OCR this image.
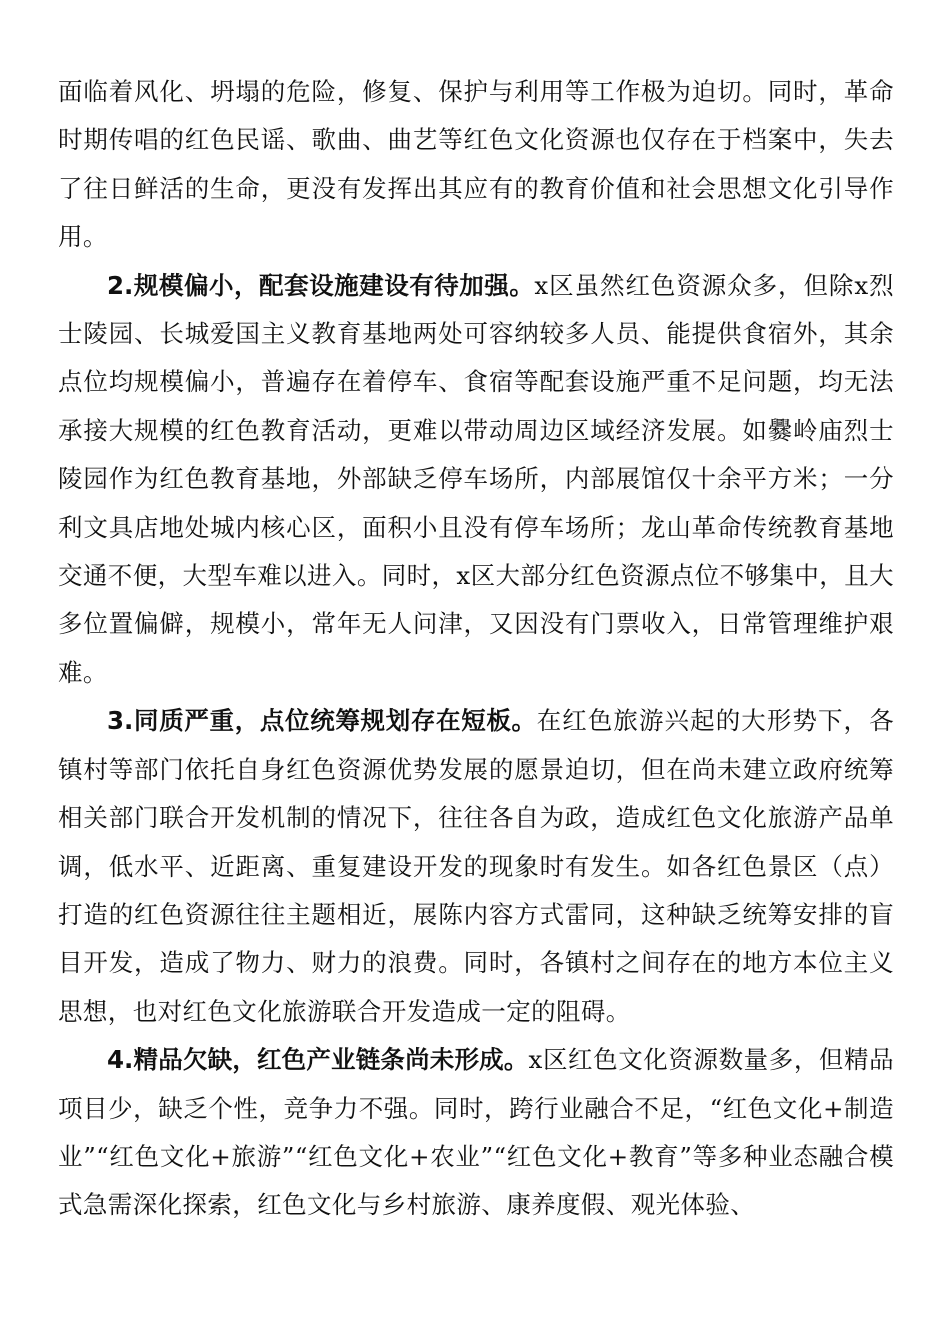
面临着风化、坍塌的危险，修复、保护与利用等工作极为迫切。同时，革命时期传唱的红色民谣、歌曲、曲艺等红色文化资源也仅存在于档案中，失去了往日鲜活的生命，更没有发挥出其应有的教育价值和社会思想文化引导作用。

2.规模偏小，配套设施建设有待加强。x区虽然红色资源众多，但除x烈士陵园、长城爱国主义教育基地两处可容纳较多人员、能提供食宿外，其余点位均规模偏小，普遍存在着停车、食宿等配套设施严重不足问题，均无法承接大规模的红色教育活动，更难以带动周边区域经济发展。如爨岭庙烈士陵园作为红色教育基地，外部缺乏停车场所，内部展馆仅十余平方米；一分利文具店地处城内核心区，面积小且没有停车场所；龙山革命传统教育基地交通不便，大型车难以进入。同时，x区大部分红色资源点位不够集中，且大多位置偏僻，规模小，常年无人问津，又因没有门票收入，日常管理维护艰难。

3.同质严重，点位统筹规划存在短板。在红色旅游兴起的大形势下，各镇村等部门依托自身红色资源优势发展的愿景迫切，但在尚未建立政府统筹相关部门联合开发机制的情况下，往往各自为政，造成红色文化旅游产品单调，低水平、近距离、重复建设开发的现象时有发生。如各红色景区（点）打造的红色资源往往主题相近，展陈内容方式雷同，这种缺乏统筹安排的盲目开发，造成了物力、财力的浪费。同时，各镇村之间存在的地方本位主义思想，也对红色文化旅游联合开发造成一定的阻碍。

4.精品欠缺，红色产业链条尚未形成。x区红色文化资源数量多，但精品项目少，缺乏个性，竞争力不强。同时，跨行业融合不足，“红色文化+制造业”“红色文化+旅游”“红色文化+农业”“红色文化+教育”等多种业态融合模式急需深化探索，红色文化与乡村旅游、康养度假、观光体验、
